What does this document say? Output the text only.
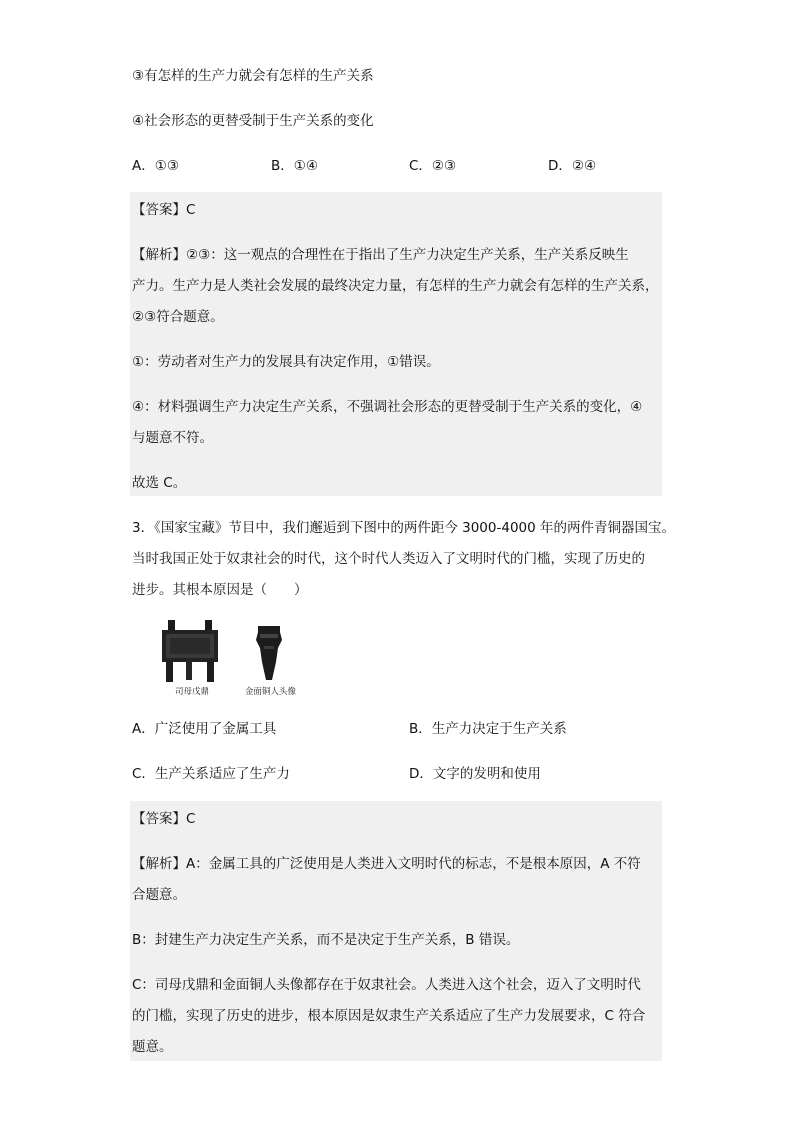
③有怎样的生产力就会有怎样的生产关系
④社会形态的更替受制于生产关系的变化
A．①③	B．①④	C．②③	D．②④
【答案】C
【解析】②③：这一观点的合理性在于指出了生产力决定生产关系，生产关系反映生
产力。生产力是人类社会发展的最终决定力量，有怎样的生产力就会有怎样的生产关系，
②③符合题意。
①：劳动者对生产力的发展具有决定作用，①错误。
④：材料强调生产力决定生产关系，不强调社会形态的更替受制于生产关系的变化，④
与题意不符。
故选 C。
3．《国家宝藏》节目中，我们邂逅到下图中的两件距今 3000-4000 年的两件青铜器国宝。
当时我国正处于奴隶社会的时代，这个时代人类迈入了文明时代的门槛，实现了历史的
进步。其根本原因是（　　）
司母戊鼎	金面铜人头像
A．广泛使用了金属工具	B．生产力决定于生产关系
C．生产关系适应了生产力	D．文字的发明和使用
【答案】C
【解析】A：金属工具的广泛使用是人类进入文明时代的标志，不是根本原因，A 不符
合题意。
B：封建生产力决定生产关系，而不是决定于生产关系，B 错误。
C：司母戊鼎和金面铜人头像都存在于奴隶社会。人类进入这个社会，迈入了文明时代
的门槛，实现了历史的进步，根本原因是奴隶生产关系适应了生产力发展要求，C 符合
题意。
